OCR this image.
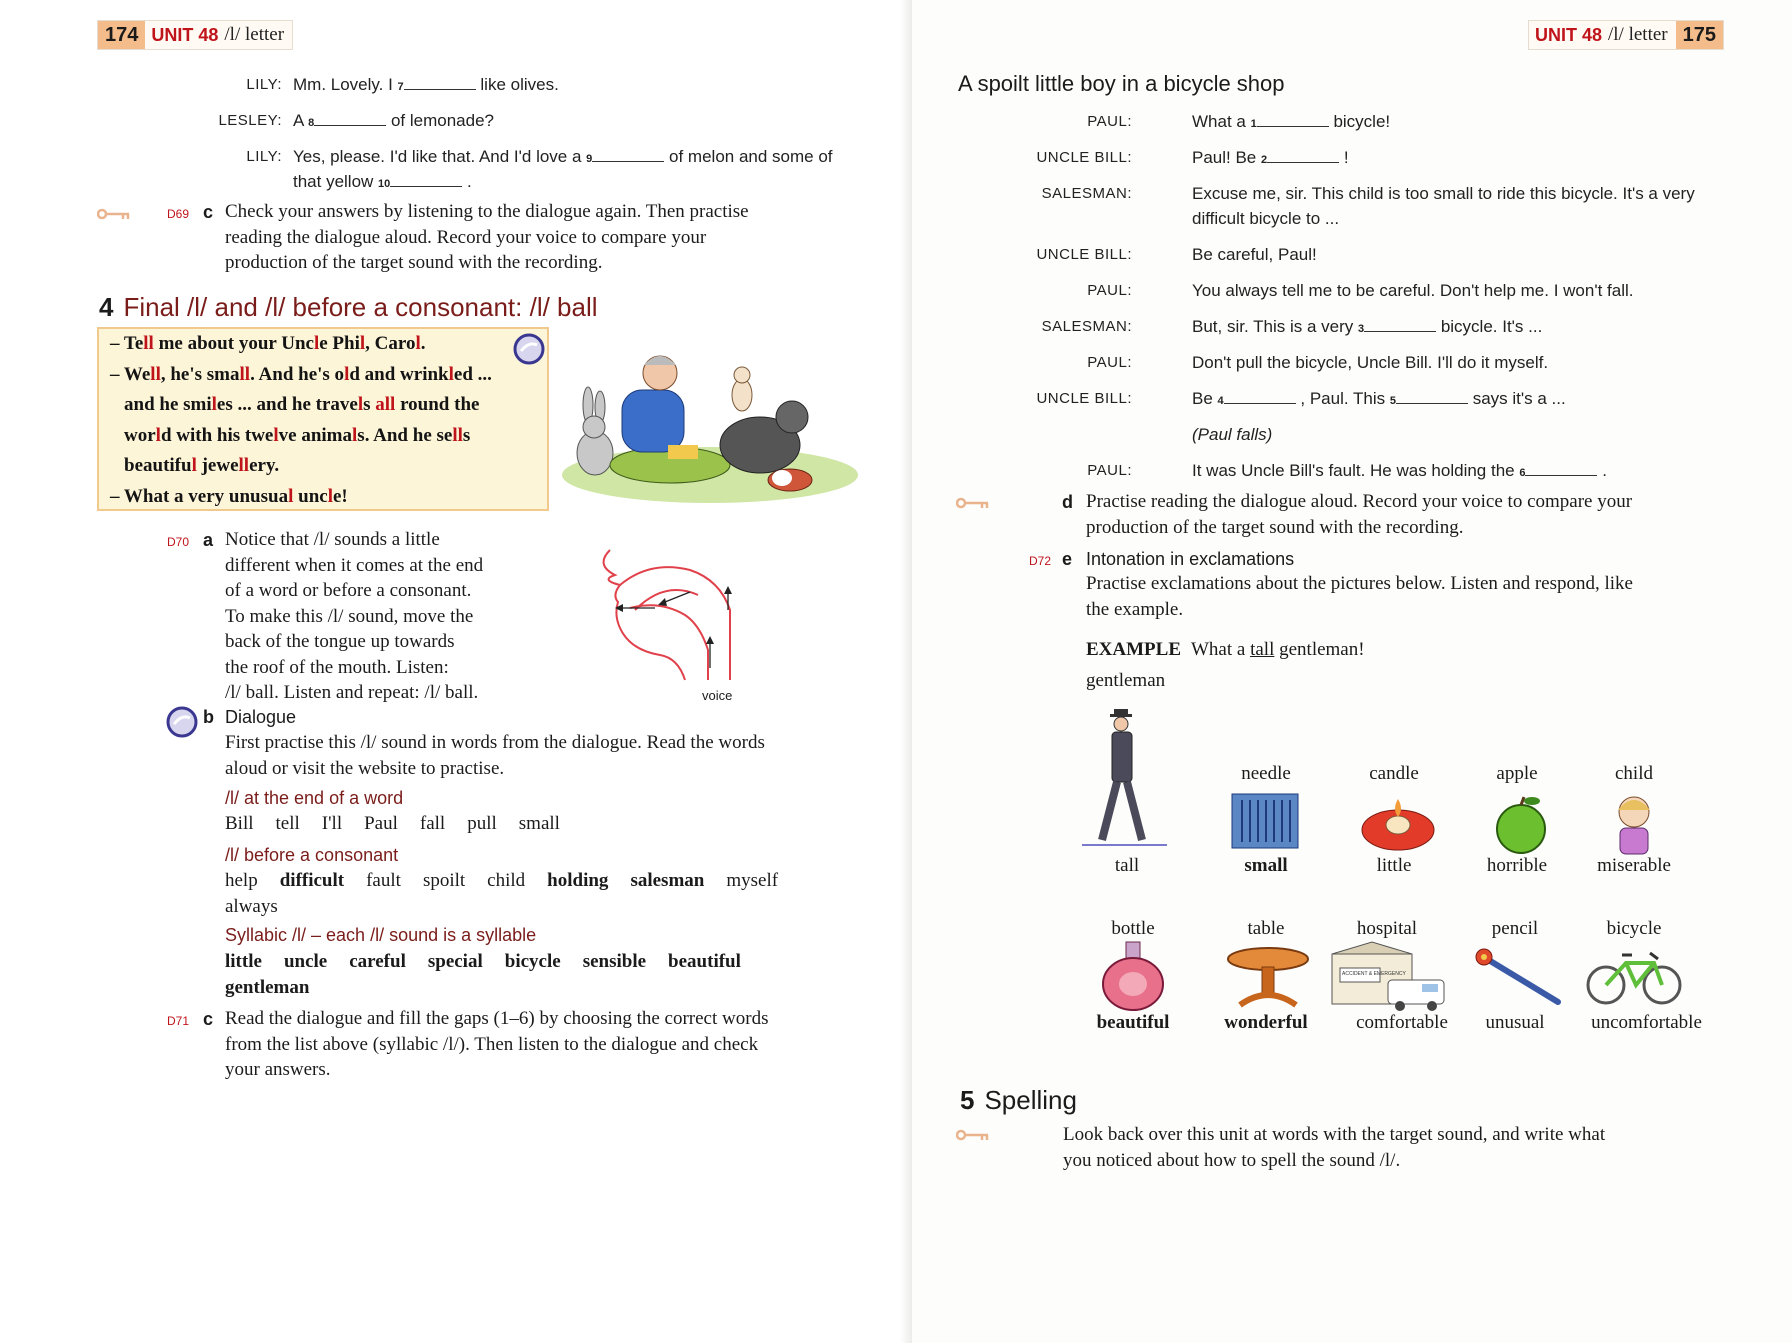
174 UNIT 48 /l/ letter
LILY: Mm. Lovely. I 7	like olives.
LESLEY: A 8	of lemonade?
LILY: Yes, please. I'd like that. And I'd love a 9	of melon and some of
that yellow 10	.
D69 c Check your answers by listening to the dialogue again. Then practise
reading the dialogue aloud. Record your voice to compare your
production of the target sound with the recording.
4 Final /l/ and /l/ before a consonant: /l/ ball

– Tell me about your Uncle Phil, Carol.

– Well, he's small. And he's old and wrinkled ...

and he smiles ... and he travels all round the

world with his twelve animals. And he sells

beautiful jewellery.

– What a very unusual uncle!

D70 a Notice that /l/ sounds a little
different when it comes at the end
of a word or before a consonant.
To make this /l/ sound, move the
back of the tongue up towards
the roof of the mouth. Listen:
/l/ ball. Listen and repeat: /l/ ball.	voice
b Dialogue
First practise this /l/ sound in words from the dialogue. Read the words
aloud or visit the website to practise.
/l/ at the end of a word
Bill tell I'll Paul fall pull small
/l/ before a consonant
help difficult fault spoilt child holding salesman myself
always
Syllabic /l/ – each /l/ sound is a syllable
little uncle careful special bicycle sensible beautiful
gentleman
D71 c Read the dialogue and fill the gaps (1–6) by choosing the correct words
from the list above (syllabic /l/). Then listen to the dialogue and check
your answers.
UNIT 48 /l/ letter 175
A spoilt little boy in a bicycle shop
PAUL:	What a 1	bicycle!
UNCLE BILL:	Paul! Be 2	!
SALESMAN:	Excuse me, sir. This child is too small to ride this bicycle. It's a very
difficult bicycle to ...
UNCLE BILL:	Be careful, Paul!
PAUL:	You always tell me to be careful. Don't help me. I won't fall.
SALESMAN:	But, sir. This is a very 3	bicycle. It's ...
PAUL:	Don't pull the bicycle, Uncle Bill. I'll do it myself.
UNCLE BILL:	Be 4	, Paul. This 5	says it's a ...
(Paul falls)
PAUL:	It was Uncle Bill's fault. He was holding the 6	.
d Practise reading the dialogue aloud. Record your voice to compare your
production of the target sound with the recording.
D72 e Intonation in exclamations
Practise exclamations about the pictures below. Listen and respond, like
the example.
EXAMPLE What a tall gentleman!
gentleman
tall
needle
small
candle
little
apple
horrible
child
miserable
bottle
beautiful
table
wonderful
hospital
ACCIDENT & EMERGENCY
comfortable
pencil
unusual
bicycle
uncomfortable
5 Spelling
Look back over this unit at words with the target sound, and write what
you noticed about how to spell the sound /l/.
